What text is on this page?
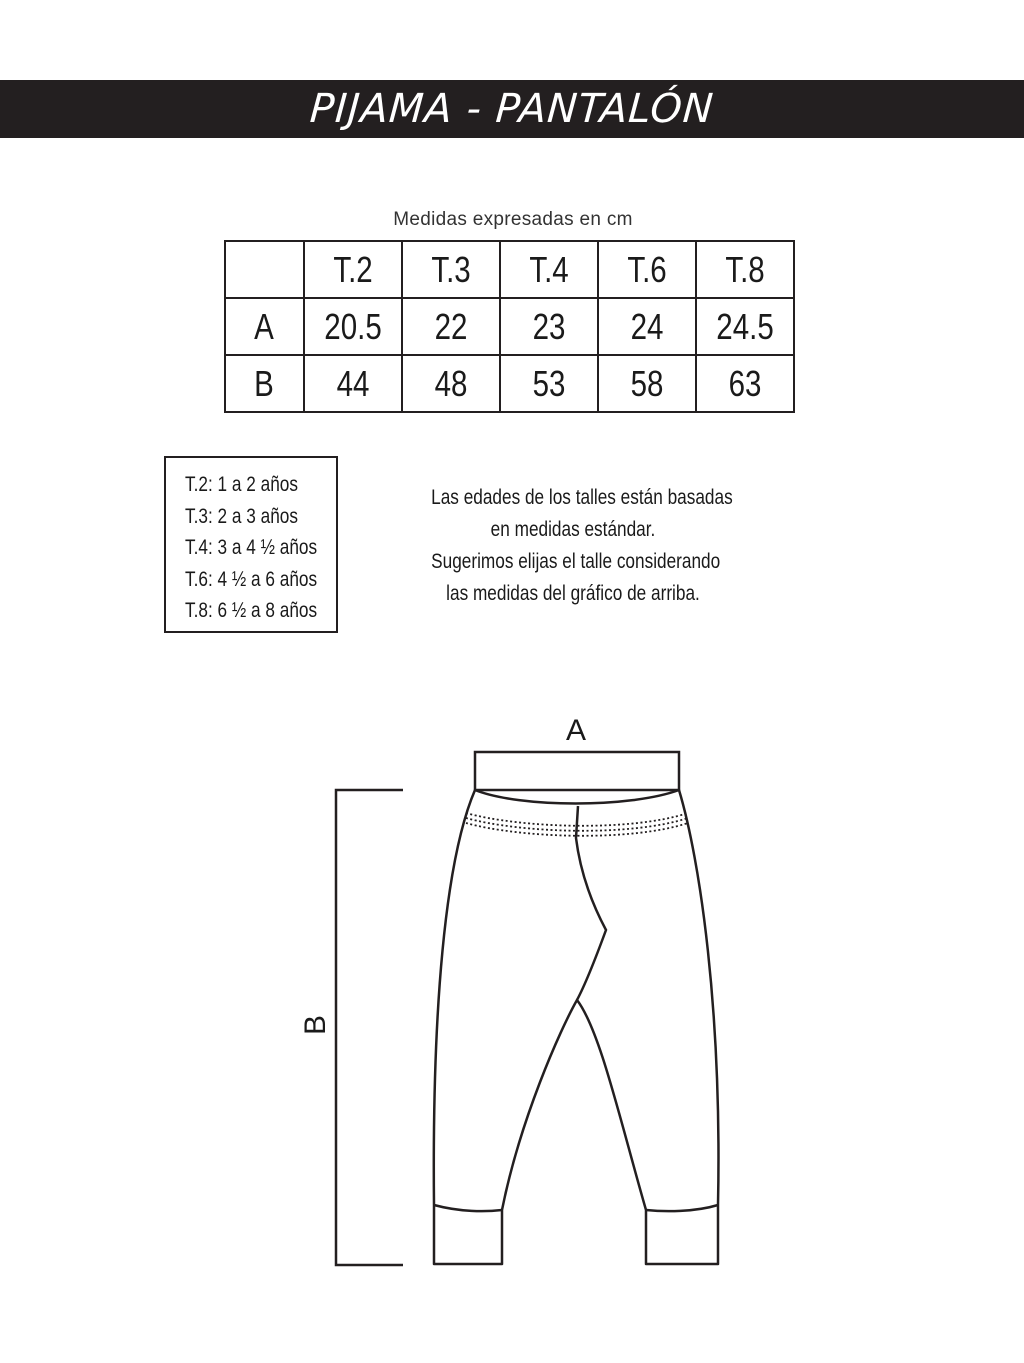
PIJAMA - PANTALÓN
Medidas expresadas en cm
	T.2	T.3	T.4	T.6	T.8
A	20.5	22	23	24	24.5
B	44	48	53	58	63
T.2: 1 a 2 años
T.3: 2 a 3 años
T.4: 3 a 4 ½ años
T.6: 4 ½ a 6 años
T.8: 6 ½ a 8 años
Las edades de los talles están basadas
en medidas estándar.
Sugerimos elijas el talle considerando
las medidas del gráfico de arriba.
A
B
